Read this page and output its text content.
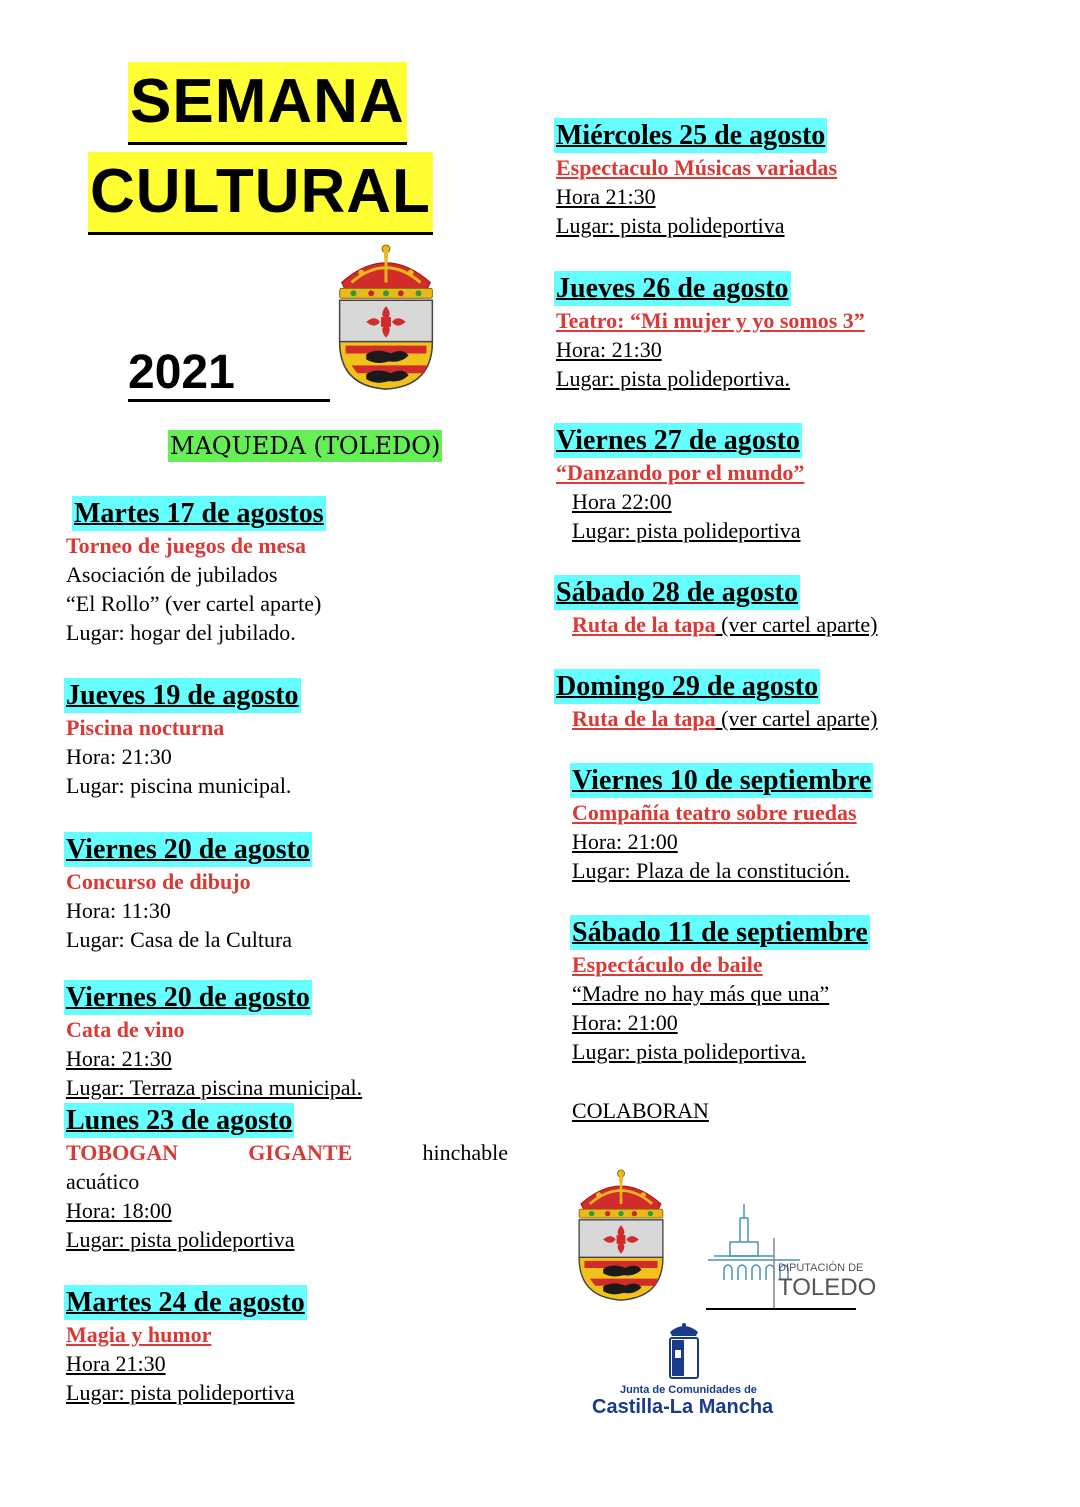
SEMANA
CULTURAL
2021
MAQUEDA (TOLEDO)
Martes 17 de agostos
Torneo de juegos de mesa
Asociación de jubilados
“El Rollo” (ver cartel aparte)
Lugar: hogar del jubilado.
Jueves 19 de agosto
Piscina nocturna
Hora: 21:30
Lugar: piscina municipal.
Viernes 20 de agosto
Concurso de dibujo
Hora: 11:30
Lugar: Casa de la Cultura
Viernes 20 de agosto
Cata de vino
Hora: 21:30
Lugar: Terraza piscina municipal.
Lunes 23 de agosto

TOBOGAN	GIGANTE	hinchable
acuático
Hora: 18:00
Lugar: pista polideportiva
Martes 24 de agosto
Magia y humor
Hora 21:30
Lugar: pista polideportiva
Miércoles 25 de agosto
Espectaculo Músicas variadas
Hora 21:30
Lugar: pista polideportiva
Jueves 26 de agosto
Teatro: “Mi mujer y yo somos 3”
Hora: 21:30
Lugar: pista polideportiva.
Viernes 27 de agosto
“Danzando por el mundo”
Hora 22:00
Lugar: pista polideportiva
Sábado 28 de agosto
Ruta de la tapa (ver cartel aparte)
Domingo 29 de agosto
Ruta de la tapa (ver cartel aparte)
Viernes 10 de septiembre
Compañía teatro sobre ruedas
Hora: 21:00
Lugar: Plaza de la constitución.
Sábado 11 de septiembre
Espectáculo de baile
“Madre no hay más que una”
Hora: 21:00
Lugar: pista polideportiva.
COLABORAN
DIPUTACIÓN DE
TOLEDO
Junta de Comunidades de
Castilla-La Mancha
